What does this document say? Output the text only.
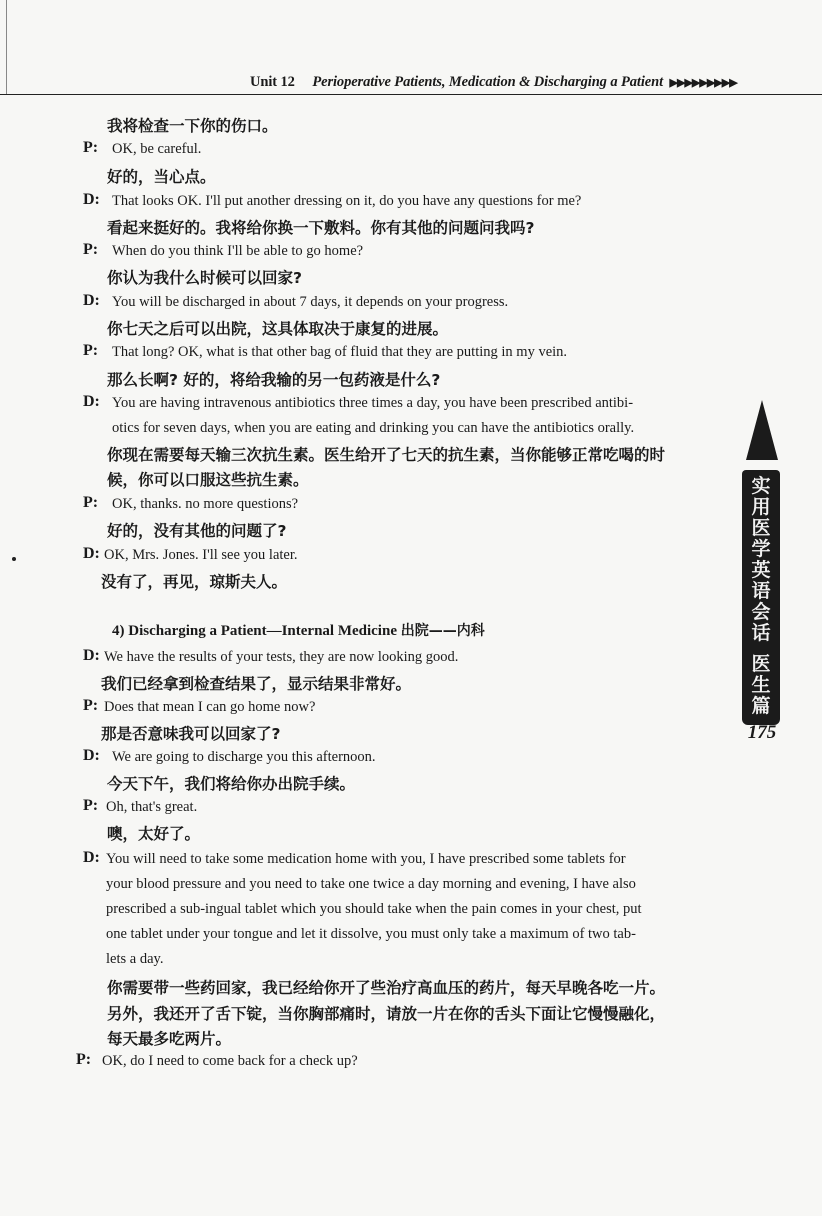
Unit 12 Perioperative Patients, Medication & Discharging a Patient ▶▶▶▶▶▶▶▶▶
我将检查一下你的伤口。
P: OK, be careful.
好的，当心点。
D: That looks OK. I'll put another dressing on it, do you have any questions for me?
看起来挺好的。我将给你换一下敷料。你有其他的问题问我吗?
P: When do you think I'll be able to go home?
你认为我什么时候可以回家?
D: You will be discharged in about 7 days, it depends on your progress.
你七天之后可以出院，这具体取决于康复的进展。
P: That long? OK, what is that other bag of fluid that they are putting in my vein.
那么长啊? 好的，将给我输的另一包药液是什么?
D: You are having intravenous antibiotics three times a day, you have been prescribed antibi-
otics for seven days, when you are eating and drinking you can have the antibiotics orally.
你现在需要每天输三次抗生素。医生给开了七天的抗生素，当你能够正常吃喝的时
候，你可以口服这些抗生素。
P: OK, thanks. no more questions?
好的，没有其他的问题了?
D: OK, Mrs. Jones. I'll see you later.
没有了，再见，琼斯夫人。
4) Discharging a Patient—Internal Medicine 出院——内科
D: We have the results of your tests, they are now looking good.
我们已经拿到检查结果了，显示结果非常好。
P: Does that mean I can go home now?
那是否意味我可以回家了?
D: We are going to discharge you this afternoon.
今天下午，我们将给你办出院手续。
P: Oh, that's great.
噢，太好了。
D: You will need to take some medication home with you, I have prescribed some tablets for
your blood pressure and you need to take one twice a day morning and evening, I have also
prescribed a sub-ingual tablet which you should take when the pain comes in your chest, put
one tablet under your tongue and let it dissolve, you must only take a maximum of two tab-
lets a day.
你需要带一些药回家，我已经给你开了些治疗高血压的药片，每天早晚各吃一片。
另外，我还开了舌下锭，当你胸部痛时，请放一片在你的舌头下面让它慢慢融化，
每天最多吃两片。
P: OK, do I need to come back for a check up?
实
用
医
学
英
语
会
话
医
生
篇
175
